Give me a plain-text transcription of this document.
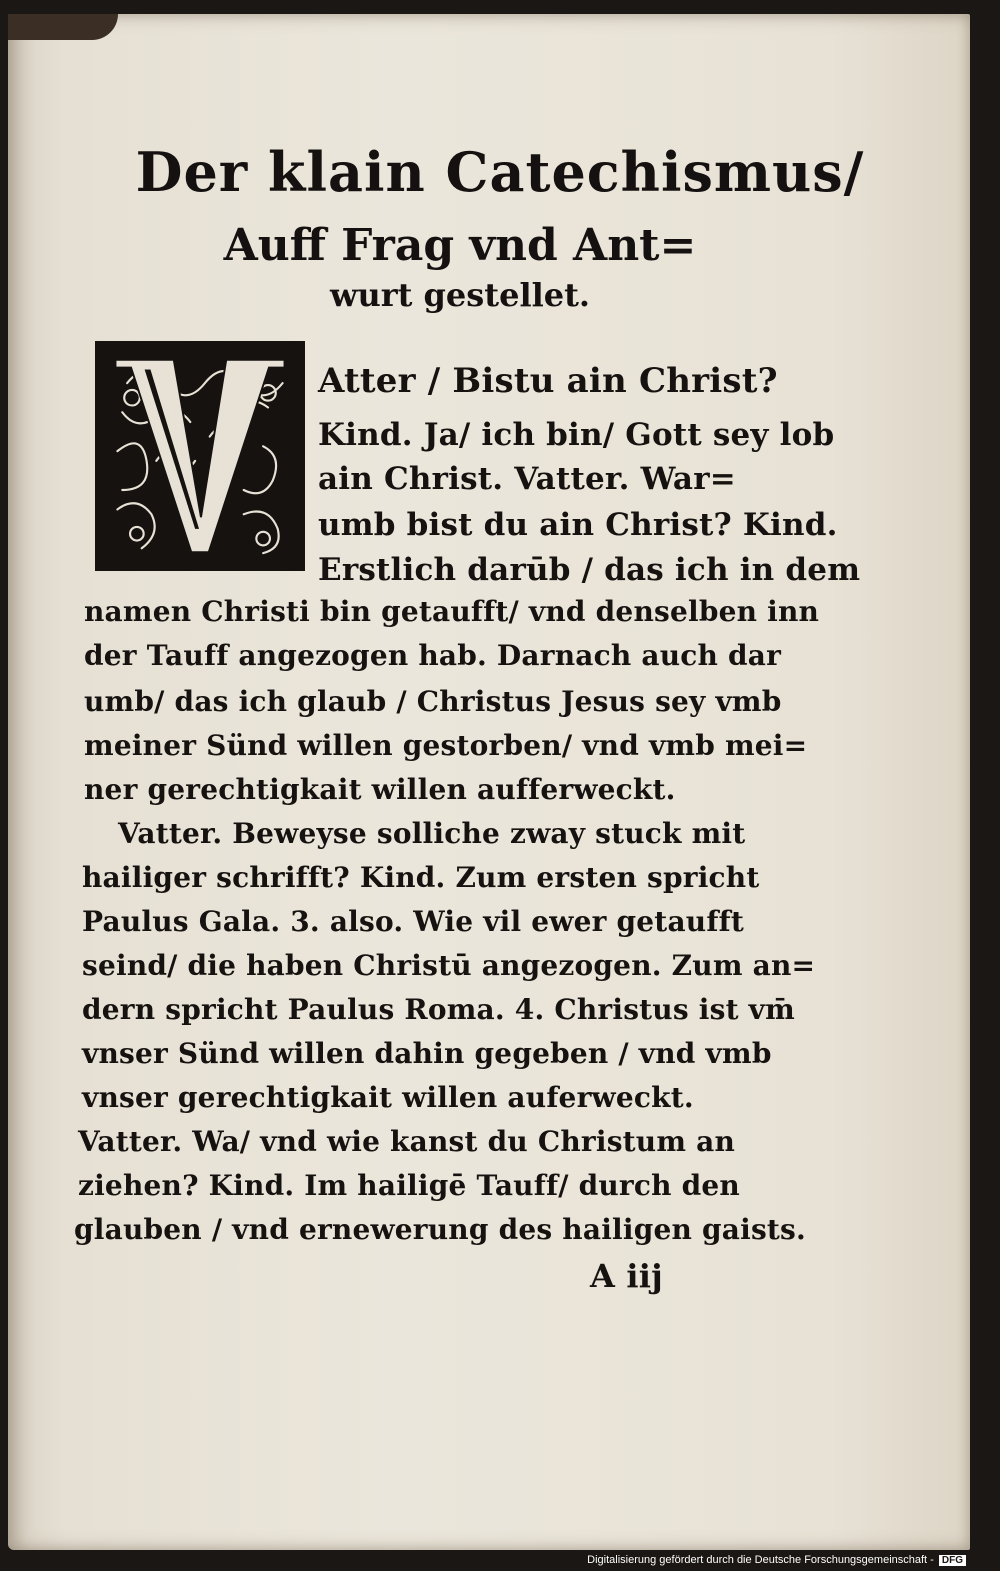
Der klain Catechismus/
Auff Frag vnd Ant=
wurt gestellet.
Atter / Bistu ain Christ?
Kind. Ja/ ich bin/ Gott sey lob
ain Christ. Vatter. War=
umb bist du ain Christ? Kind.
Erstlich darūb / das ich in dem
namen Christi bin getaufft/ vnd denselben inn
der Tauff angezogen hab. Darnach auch dar
umb/ das ich glaub / Christus Jesus sey vmb
meiner Sünd willen gestorben/ vnd vmb mei=
ner gerechtigkait willen aufferweckt.
Vatter. Beweyse solliche zway stuck mit
hailiger schrifft? Kind. Zum ersten spricht
Paulus Gala. 3. also. Wie vil ewer getaufft
seind/ die haben Christū angezogen. Zum an=
dern spricht Paulus Roma. 4. Christus ist vm̄
vnser Sünd willen dahin gegeben / vnd vmb
vnser gerechtigkait willen auferweckt.
Vatter. Wa/ vnd wie kanst du Christum an
ziehen? Kind. Im hailigē Tauff/ durch den
glauben / vnd ernewerung des hailigen gaists.
A iij
Digitalisierung gefördert durch die Deutsche Forschungsgemeinschaft - DFG
